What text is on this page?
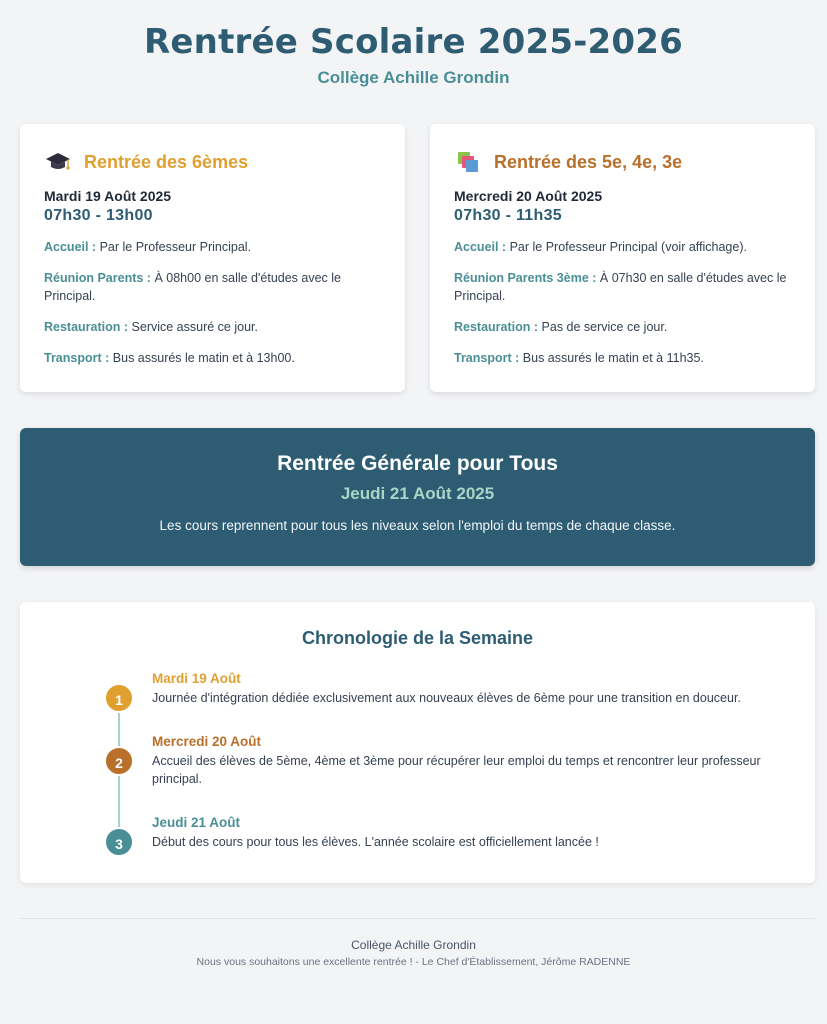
Rentrée Scolaire 2025-2026
Collège Achille Grondin
Rentrée des 6èmes
Mardi 19 Août 2025
07h30 - 13h00
Accueil : Par le Professeur Principal.
Réunion Parents : À 08h00 en salle d'études avec le Principal.
Restauration : Service assuré ce jour.
Transport : Bus assurés le matin et à 13h00.
Rentrée des 5e, 4e, 3e
Mercredi 20 Août 2025
07h30 - 11h35
Accueil : Par le Professeur Principal (voir affichage).
Réunion Parents 3ème : À 07h30 en salle d'études avec le Principal.
Restauration : Pas de service ce jour.
Transport : Bus assurés le matin et à 11h35.
Rentrée Générale pour Tous
Jeudi 21 Août 2025
Les cours reprennent pour tous les niveaux selon l'emploi du temps de chaque classe.
Chronologie de la Semaine
1
Mardi 19 Août
Journée d'intégration dédiée exclusivement aux nouveaux élèves de 6ème pour une transition en douceur.
2
Mercredi 20 Août
Accueil des élèves de 5ème, 4ème et 3ème pour récupérer leur emploi du temps et rencontrer leur professeur principal.
3
Jeudi 21 Août
Début des cours pour tous les élèves. L'année scolaire est officiellement lancée !
Collège Achille Grondin
Nous vous souhaitons une excellente rentrée ! - Le Chef d'Établissement, Jérôme RADENNE
